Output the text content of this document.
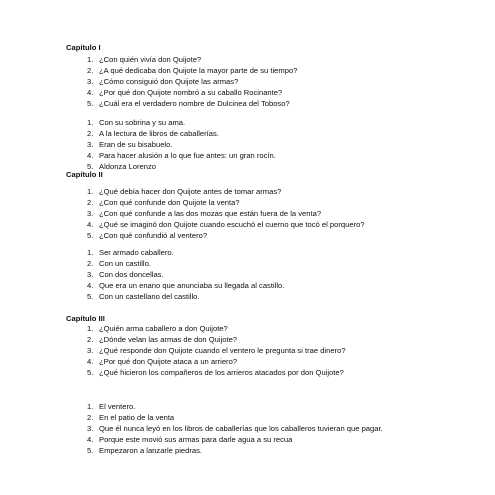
Capítulo I
1. ¿Con quién vivía don Quijote?
2. ¿A qué dedicaba don Quijote la mayor parte de su tiempo?
3. ¿Cómo consiguió don Quijote las armas?
4. ¿Por qué don Quijote nombró a su caballo Rocinante?
5. ¿Cuál era el verdadero nombre de Dulcinea del Toboso?
1. Con su sobrina y su ama.
2. A la lectura de libros de caballerías.
3. Eran de su bisabuelo.
4. Para hacer alusión a lo que fue antes: un gran rocín.
5. Aldonza Lorenzo
Capítulo II
1. ¿Qué debía hacer don Quijote antes de tomar armas?
2. ¿Con qué confunde don Quijote la venta?
3. ¿Con qué confunde a las dos mozas que están fuera de la venta?
4. ¿Qué se imaginó don Quijote cuando escuchó el cuerno que tocó el porquero?
5. ¿Con qué confundió al ventero?
1. Ser armado caballero.
2. Con un castillo.
3. Con dos doncellas.
4. Que era un enano que anunciaba su llegada al castillo.
5. Con un castellano del castillo.
Capítulo III
1. ¿Quién arma caballero a don Quijote?
2. ¿Dónde velan las armas de don Quijote?
3. ¿Qué responde don Quijote cuando el ventero le pregunta si trae dinero?
4. ¿Por qué don Quijote ataca a un arriero?
5. ¿Qué hicieron los compañeros de los arrieros atacados por don Quijote?
1. El ventero.
2. En el patio de la venta
3. Que él nunca leyó en los libros de caballerías que los caballeros tuvieran que pagar.
4. Porque este movió sus armas para darle agua a su recua
5. Empezaron a lanzarle piedras.
